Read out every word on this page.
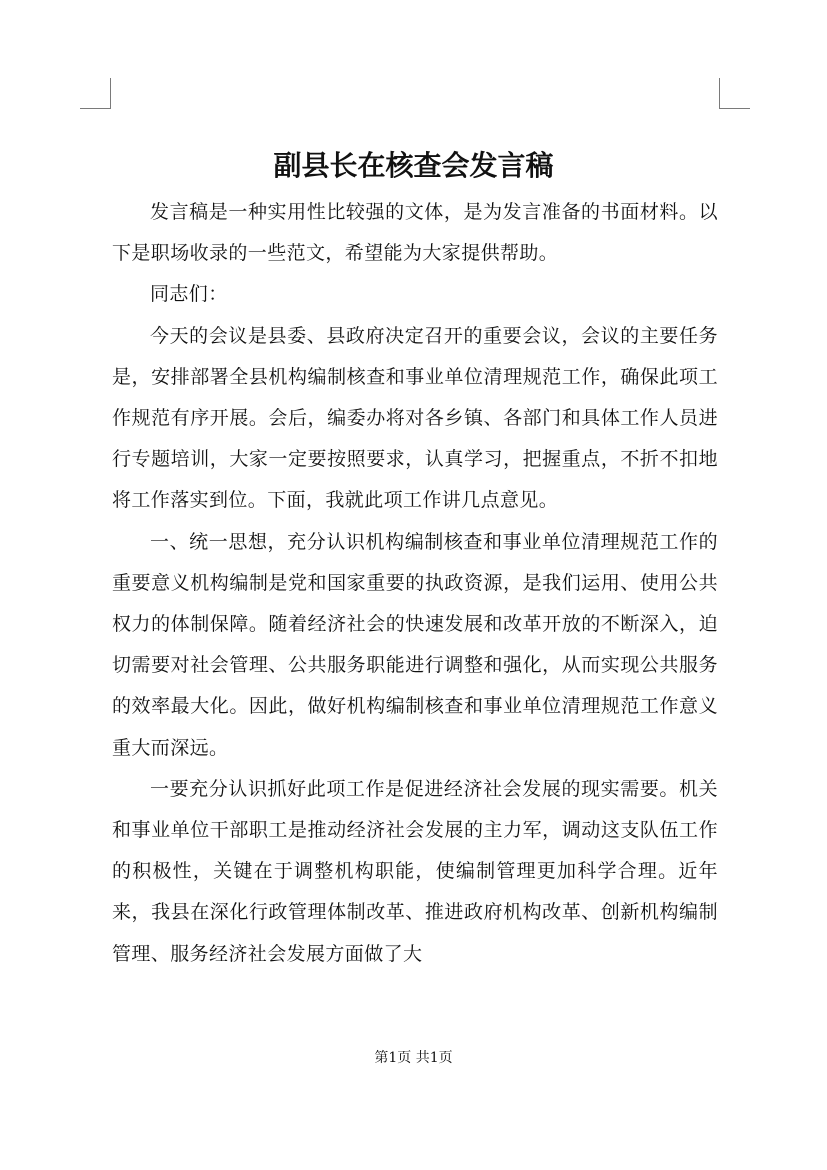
副县长在核查会发言稿

发言稿是一种实用性比较强的文体，是为发言准备的书面材料。以下是职场收录的一些范文，希望能为大家提供帮助。

同志们：

今天的会议是县委、县政府决定召开的重要会议，会议的主要任务是，安排部署全县机构编制核查和事业单位清理规范工作，确保此项工作规范有序开展。会后，编委办将对各乡镇、各部门和具体工作人员进行专题培训，大家一定要按照要求，认真学习，把握重点，不折不扣地将工作落实到位。下面，我就此项工作讲几点意见。

一、统一思想，充分认识机构编制核查和事业单位清理规范工作的重要意义机构编制是党和国家重要的执政资源，是我们运用、使用公共权力的体制保障。随着经济社会的快速发展和改革开放的不断深入，迫切需要对社会管理、公共服务职能进行调整和强化，从而实现公共服务的效率最大化。因此，做好机构编制核查和事业单位清理规范工作意义重大而深远。

一要充分认识抓好此项工作是促进经济社会发展的现实需要。机关和事业单位干部职工是推动经济社会发展的主力军，调动这支队伍工作的积极性，关键在于调整机构职能，使编制管理更加科学合理。近年来，我县在深化行政管理体制改革、推进政府机构改革、创新机构编制管理、服务经济社会发展方面做了大

第1页 共1页
